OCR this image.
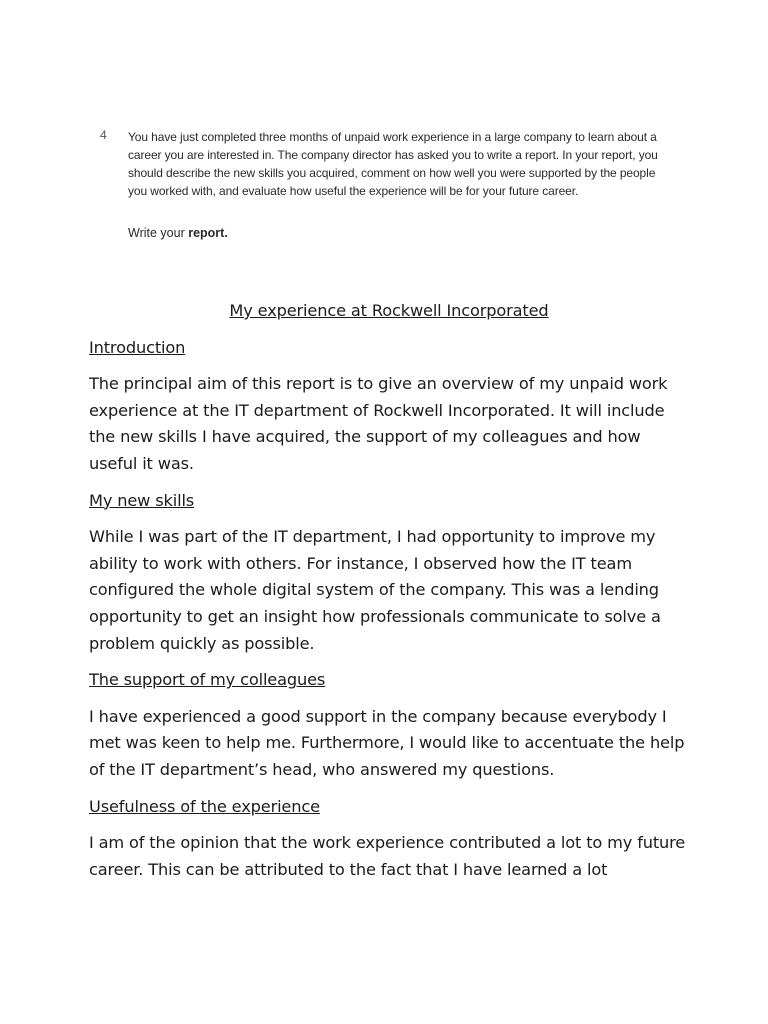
4 You have just completed three months of unpaid work experience in a large company to learn about a career you are interested in. The company director has asked you to write a report. In your report, you should describe the new skills you acquired, comment on how well you were supported by the people you worked with, and evaluate how useful the experience will be for your future career.

Write your report.

My experience at Rockwell Incorporated

Introduction

The principal aim of this report is to give an overview of my unpaid work experience at the IT department of Rockwell Incorporated. It will include the new skills I have acquired, the support of my colleagues and how useful it was.

My new skills

While I was part of the IT department, I had opportunity to improve my ability to work with others. For instance, I observed how the IT team configured the whole digital system of the company. This was a lending opportunity to get an insight how professionals communicate to solve a problem quickly as possible.

The support of my colleagues

I have experienced a good support in the company because everybody I met was keen to help me. Furthermore, I would like to accentuate the help of the IT department’s head, who answered my questions.

Usefulness of the experience

I am of the opinion that the work experience contributed a lot to my future career. This can be attributed to the fact that I have learned a lot
